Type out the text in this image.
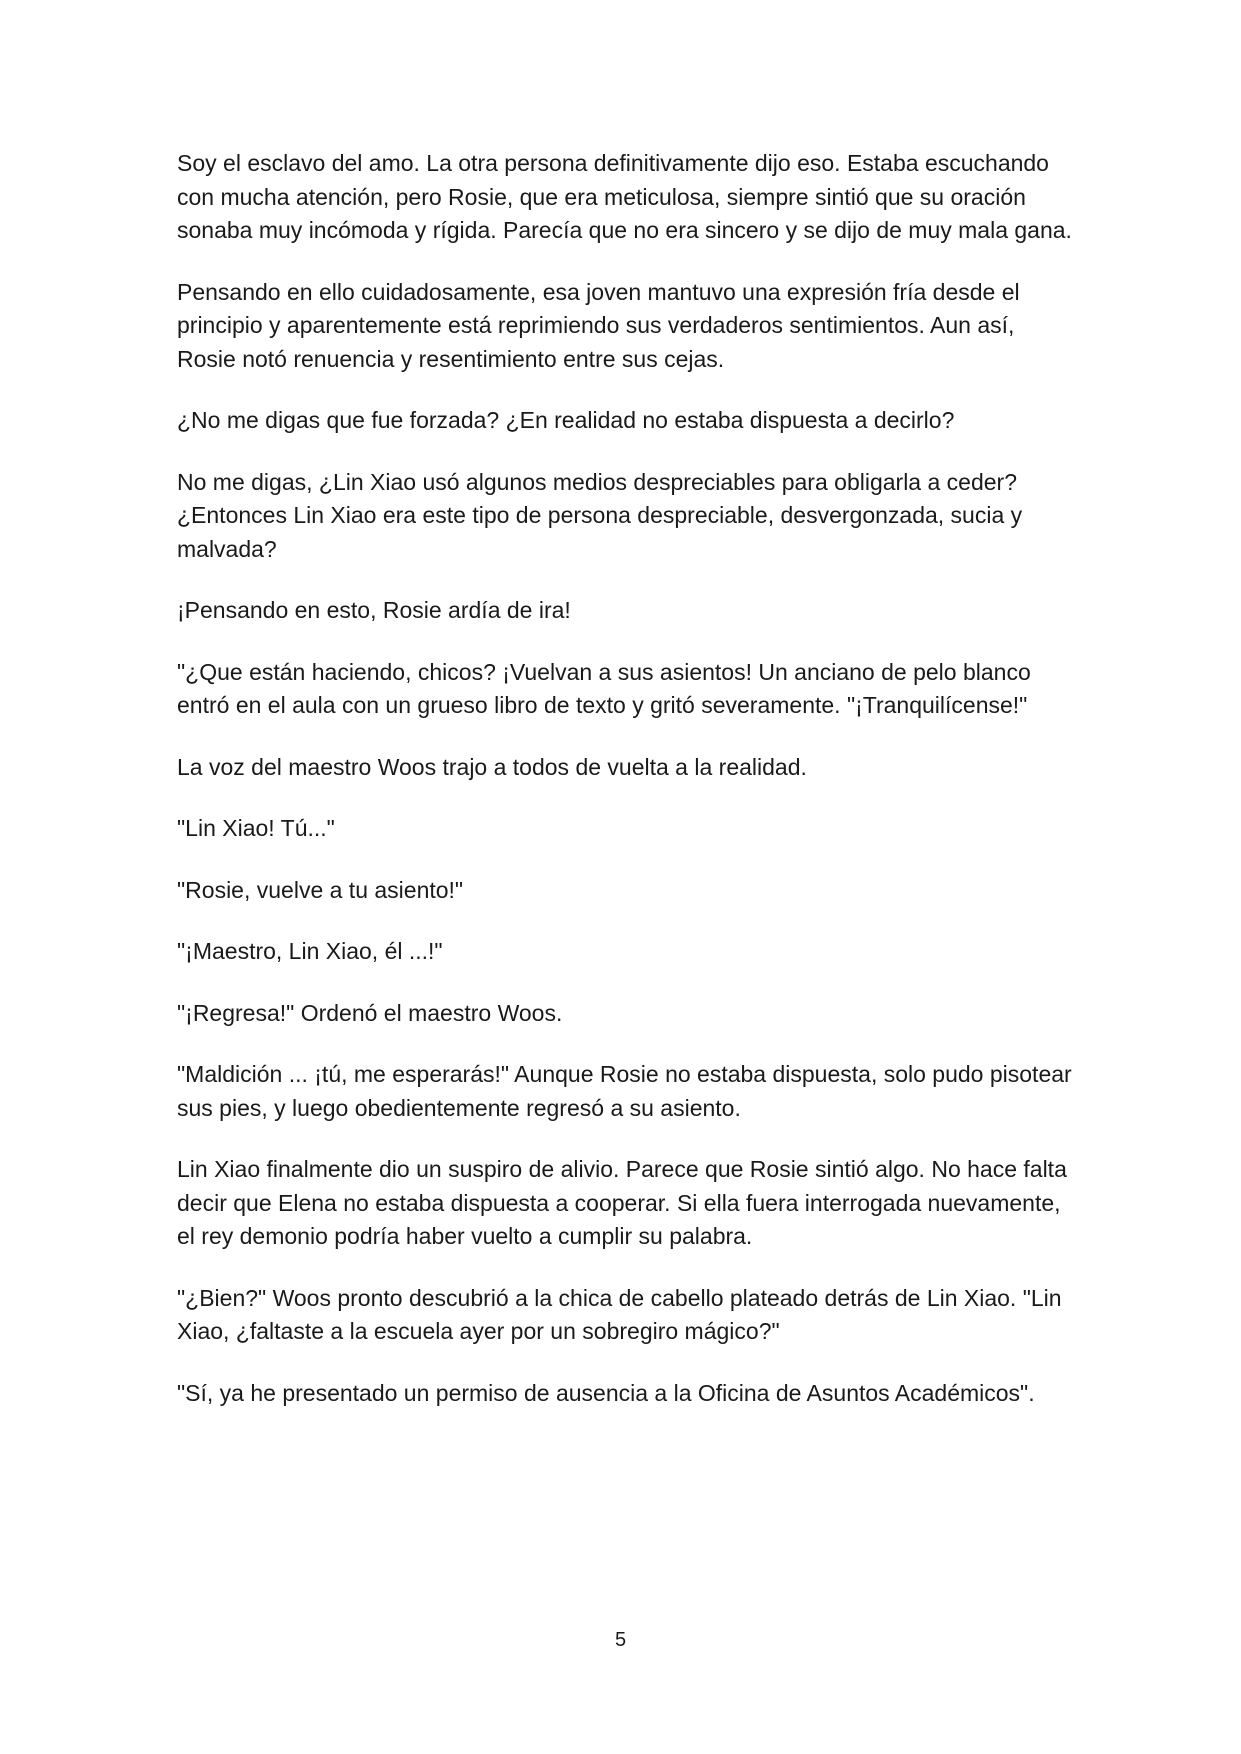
Soy el esclavo del amo. La otra persona definitivamente dijo eso. Estaba escuchando con mucha atención, pero Rosie, que era meticulosa, siempre sintió que su oración sonaba muy incómoda y rígida. Parecía que no era sincero y se dijo de muy mala gana.

Pensando en ello cuidadosamente, esa joven mantuvo una expresión fría desde el principio y aparentemente está reprimiendo sus verdaderos sentimientos. Aun así, Rosie notó renuencia y resentimiento entre sus cejas.

¿No me digas que fue forzada? ¿En realidad no estaba dispuesta a decirlo?

No me digas, ¿Lin Xiao usó algunos medios despreciables para obligarla a ceder? ¿Entonces Lin Xiao era este tipo de persona despreciable, desvergonzada, sucia y malvada?

¡Pensando en esto, Rosie ardía de ira!

"¿Que están haciendo, chicos? ¡Vuelvan a sus asientos! Un anciano de pelo blanco entró en el aula con un grueso libro de texto y gritó severamente. "¡Tranquilícense!"

La voz del maestro Woos trajo a todos de vuelta a la realidad.

"Lin Xiao! Tú..."

"Rosie, vuelve a tu asiento!"

"¡Maestro, Lin Xiao, él ...!"

"¡Regresa!" Ordenó el maestro Woos.

"Maldición ... ¡tú, me esperarás!" Aunque Rosie no estaba dispuesta, solo pudo pisotear sus pies, y luego obedientemente regresó a su asiento.

Lin Xiao finalmente dio un suspiro de alivio. Parece que Rosie sintió algo. No hace falta decir que Elena no estaba dispuesta a cooperar. Si ella fuera interrogada nuevamente, el rey demonio podría haber vuelto a cumplir su palabra.

"¿Bien?" Woos pronto descubrió a la chica de cabello plateado detrás de Lin Xiao. "Lin Xiao, ¿faltaste a la escuela ayer por un sobregiro mágico?"

"Sí, ya he presentado un permiso de ausencia a la Oficina de Asuntos Académicos".

5
